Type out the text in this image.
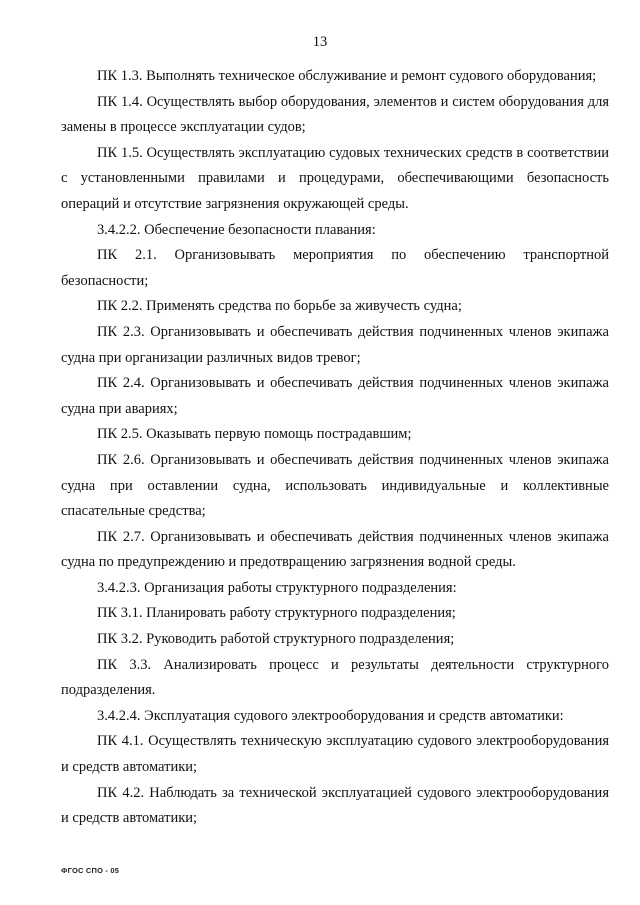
13

ПК 1.3. Выполнять техническое обслуживание и ремонт судового оборудования;

ПК 1.4. Осуществлять выбор оборудования, элементов и систем оборудования для замены в процессе эксплуатации судов;

ПК 1.5. Осуществлять эксплуатацию судовых технических средств в соответствии с установленными правилами и процедурами, обеспечивающими безопасность операций и отсутствие загрязнения окружающей среды.

3.4.2.2. Обеспечение безопасности плавания:

ПК 2.1. Организовывать мероприятия по обеспечению транспортной безопасности;

ПК 2.2. Применять средства по борьбе за живучесть судна;

ПК 2.3. Организовывать и обеспечивать действия подчиненных членов экипажа судна при организации различных видов тревог;

ПК 2.4. Организовывать и обеспечивать действия подчиненных членов экипажа судна при авариях;

ПК 2.5. Оказывать первую помощь пострадавшим;

ПК 2.6. Организовывать и обеспечивать действия подчиненных членов экипажа судна при оставлении судна, использовать индивидуальные и коллективные спасательные средства;

ПК 2.7. Организовывать и обеспечивать действия подчиненных членов экипажа судна по предупреждению и предотвращению загрязнения водной среды.

3.4.2.3. Организация работы структурного подразделения:

ПК 3.1. Планировать работу структурного подразделения;

ПК 3.2. Руководить работой структурного подразделения;

ПК 3.3. Анализировать процесс и результаты деятельности структурного подразделения.

3.4.2.4. Эксплуатация судового электрооборудования и средств автоматики:

ПК 4.1. Осуществлять техническую эксплуатацию судового электрооборудования и средств автоматики;

ПК 4.2. Наблюдать за технической эксплуатацией судового электрооборудования и средств автоматики;

ФГОС СПО - 05
